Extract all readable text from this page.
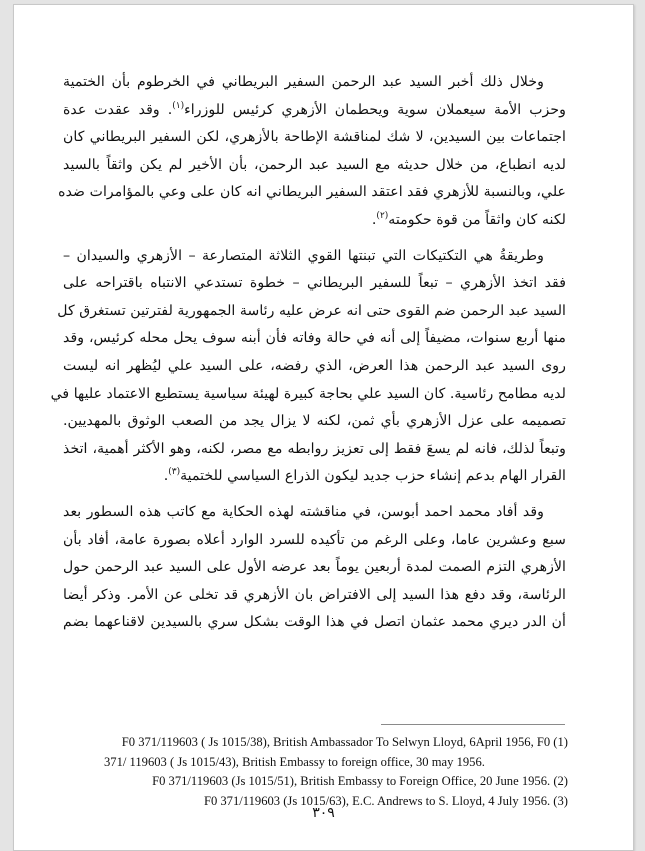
وخلال ذلك أخبر السيد عبد الرحمن السفير البريطاني في الخرطوم بأن الختمية
وحزب الأمة سيعملان سوية ويحطمان الأزهري كرئيس للوزراء$^{(١)}$. وقد عقدت عدة
اجتماعات بين السيدين، لا شك لمناقشة الإطاحة بالأزهري، لكن السفير البريطاني كان
لديه انطباع، من خلال حديثه مع السيد عبد الرحمن، بأن الأخير لم يكن واثقاً بالسيد
علي، وبالنسبة للأزهري فقد اعتقد السفير البريطاني انه كان على وعي بالمؤامرات ضده
لكنه كان واثقاً من قوة حكومته$^{(٢)}$.
وطريقةُ هي التكتيكات التي تبنتها القوي الثلاثة المتصارعة – الأزهري والسيدان –
فقد اتخذ الأزهري – تبعاً للسفير البريطاني – خطوة تستدعي الانتباه باقتراحه على
السيد عبد الرحمن ضم القوى حتى انه عرض عليه رئاسة الجمهورية لفترتين تستغرق كل
منها أربع سنوات، مضيفاً إلى أنه في حالة وفاته فأن أبنه سوف يحل محله كرئيس، وقد
روى السيد عبد الرحمن هذا العرض، الذي رفضه، على السيد علي ليُظهر انه ليست
لديه مطامح رئاسية. كان السيد علي بحاجة كبيرة لهيئة سياسية يستطيع الاعتماد عليها في
تصميمه على عزل الأزهري بأي ثمن، لكنه لا يزال يجد من الصعب الوثوق بالمهديين.
وتبعاً لذلك، فانه لم يسعَ فقط إلى تعزيز روابطه مع مصر، لكنه، وهو الأكثر أهمية، اتخذ
القرار الهام بدعم إنشاء حزب جديد ليكون الذراع السياسي للختمية$^{(٣)}$.
وقد أفاد محمد احمد أبوسن، في مناقشته لهذه الحكاية مع كاتب هذه السطور بعد
سبع وعشرين عاما، وعلى الرغم من تأكيده للسرد الوارد أعلاه بصورة عامة، أفاد بأن
الأزهري التزم الصمت لمدة أربعين يوماً بعد عرضه الأول على السيد عبد الرحمن حول
الرئاسة، وقد دفع هذا السيد إلى الافتراض بان الأزهري قد تخلى عن الأمر. وذكر أيضا
أن الدر ديري محمد عثمان اتصل في هذا الوقت بشكل سري بالسيدين لاقناعهما بضم
F0 371/119603 ( Js 1015/38), British Ambassador To Selwyn Lloyd, 6April 1956, F0 (1)
371/ 119603 ( Js 1015/43), British Embassy to foreign office, 30 may 1956.
F0 371/119603 (Js 1015/51), British Embassy to Foreign Office, 20 June 1956. (2)
F0 371/119603 (Js 1015/63), E.C. Andrews to S. Lloyd, 4 July 1956. (3)
٣٠٩
